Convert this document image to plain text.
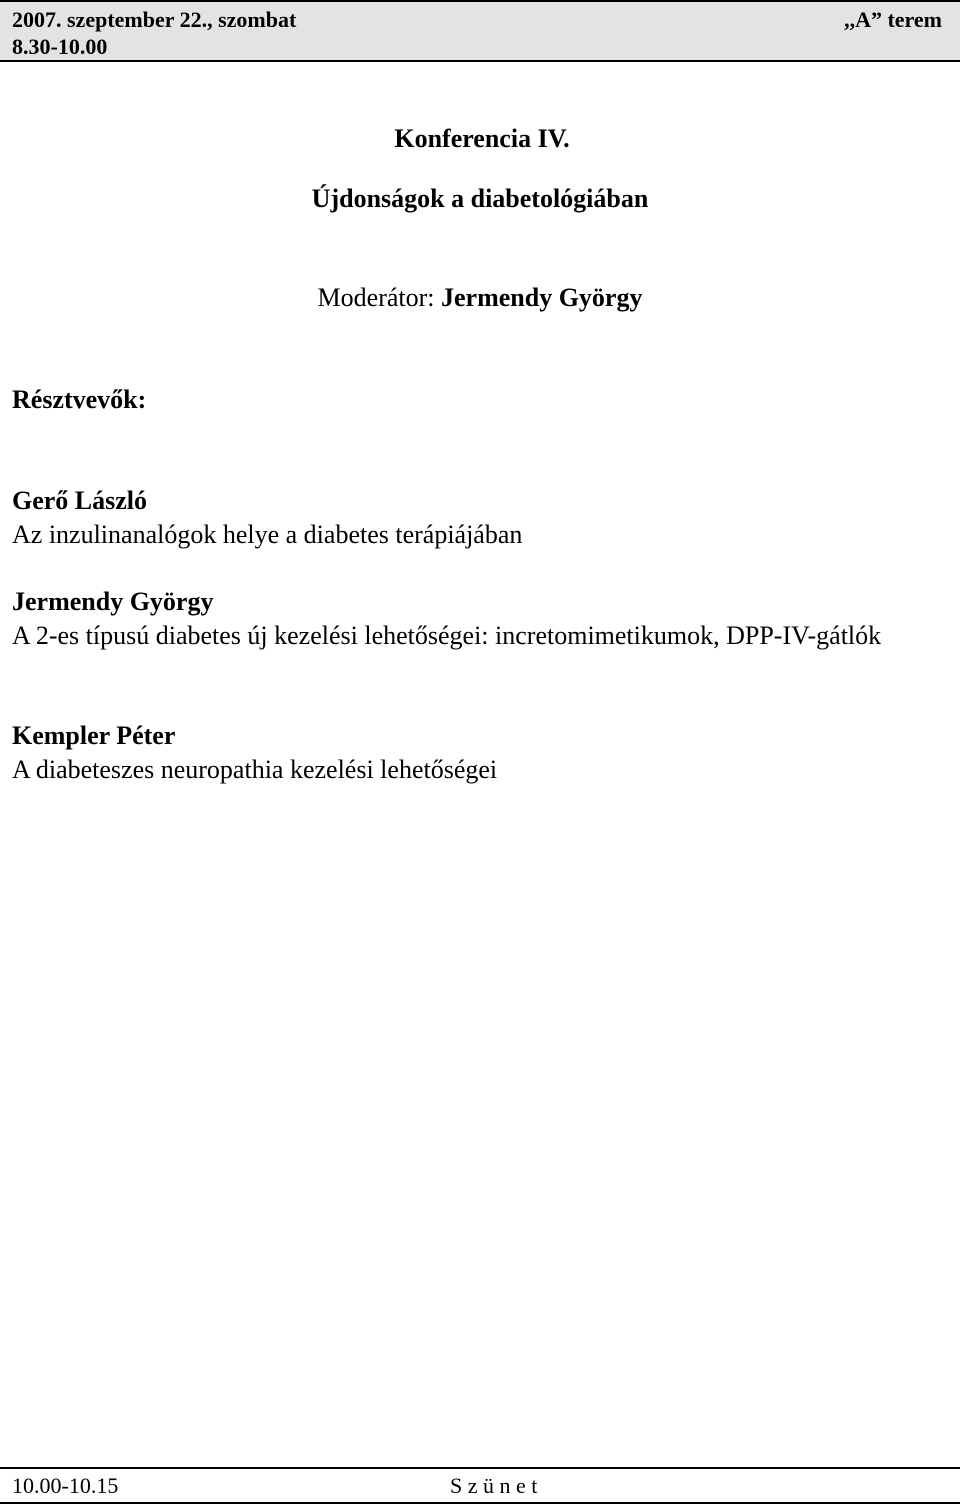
2007. szeptember 22., szombat
8.30-10.00
,,A” terem
Konferencia IV.
Újdonságok a diabetológiában
Moderátor: Jermendy György
Résztvevők:
Gerő László
Az inzulinanalógok helye a diabetes terápiájában
Jermendy György
A 2-es típusú diabetes új kezelési lehetőségei: incretomimetikumok, DPP-IV-gátlók
Kempler Péter
A diabeteszes neuropathia kezelési lehetőségei
10.00-10.15	S z ü n e t
